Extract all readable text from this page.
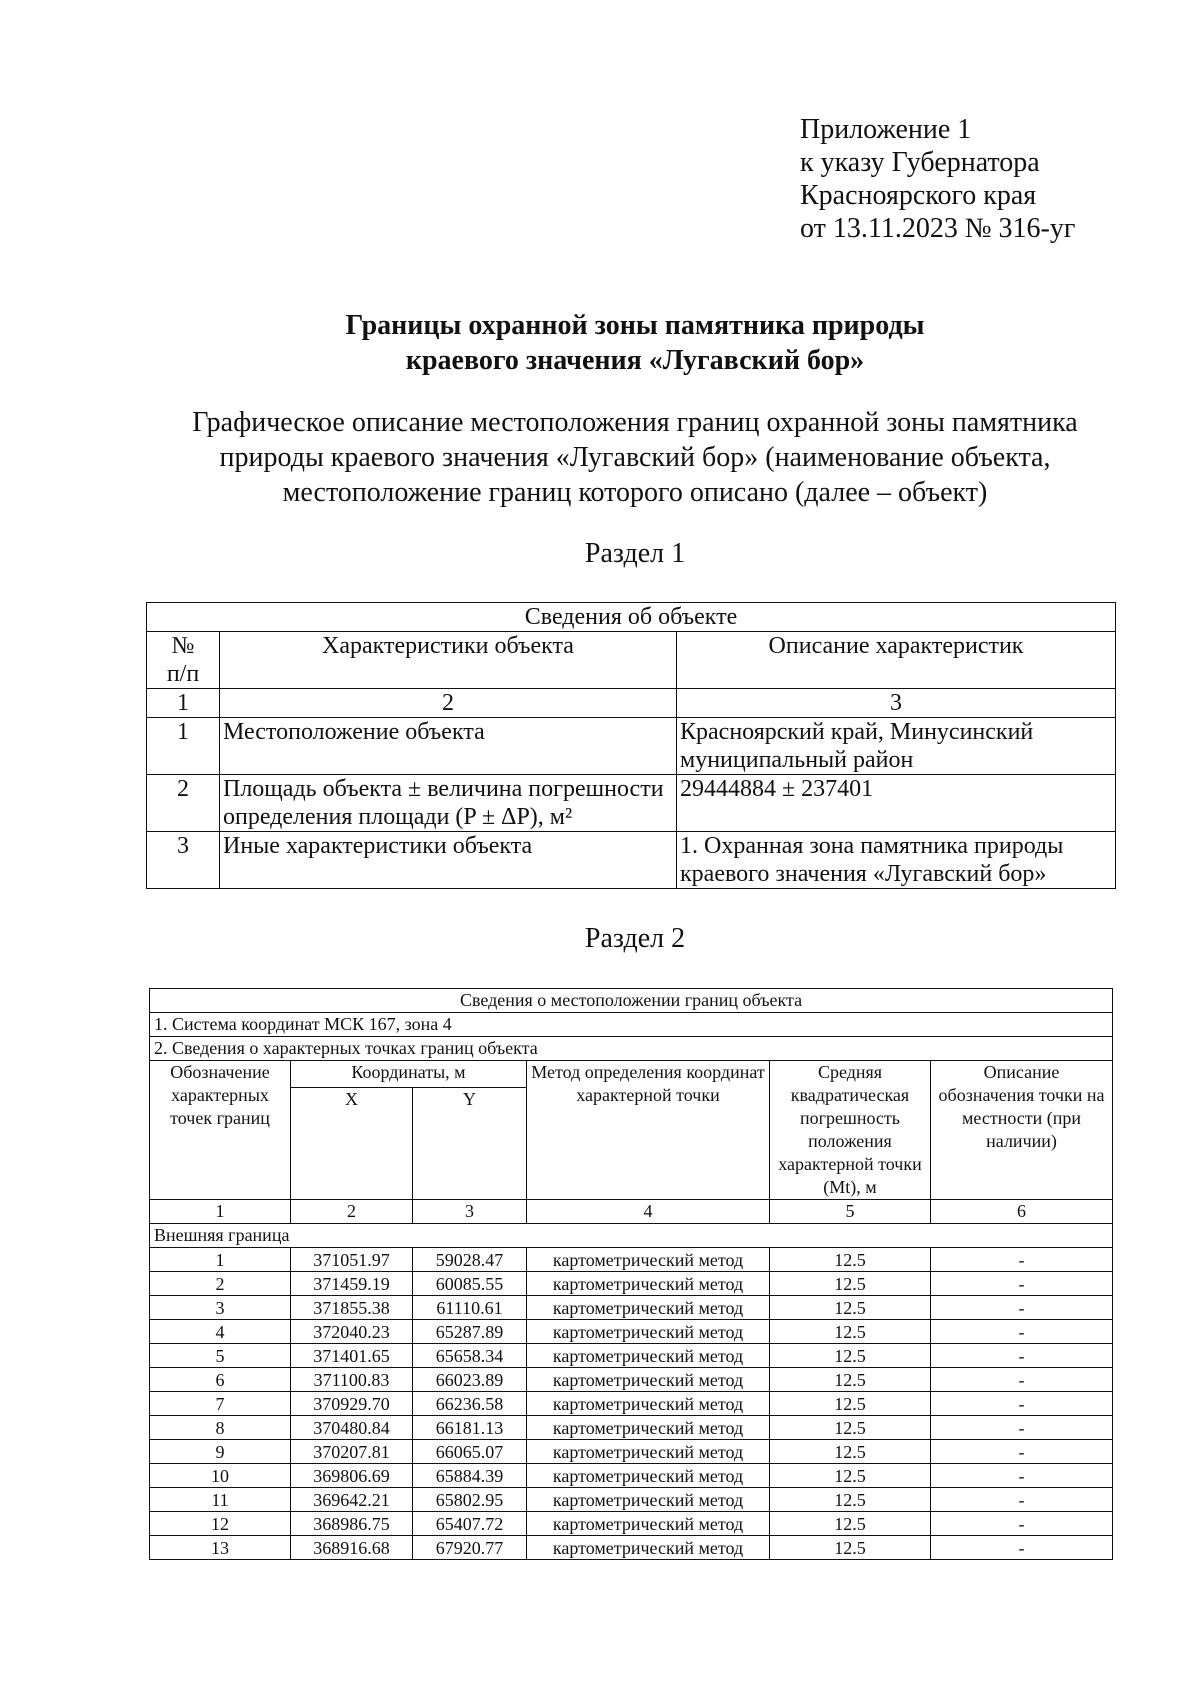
Приложение 1
к указу Губернатора
Красноярского края
от 13.11.2023 № 316-уг
Границы охранной зоны памятника природы
краевого значения «Лугавский бор»
Графическое описание местоположения границ охранной зоны памятника
природы краевого значения «Лугавский бор» (наименование объекта,
местоположение границ которого описано (далее – объект)
Раздел 1
Сведения об объекте		

№
п/п	Характеристики объекта	Описание характеристик
1	2	3
1	Местоположение объекта	Красноярский край, Минусинский муниципальный район
2	Площадь объекта ± величина погрешности определения площади (P ± ΔP), м²	29444884 ± 237401
3	Иные характеристики объекта	1. Охранная зона памятника природы краевого значения «Лугавский бор»
Раздел 2
Сведения о местоположении границ объекта					
1. Система координат МСК 167, зона 4					
2. Сведения о характерных точках границ объекта					
Обозначение характерных точек границ	Координаты, м		Метод определения координат характерной точки	Средняя квадратическая погрешность положения характерной точки (Mt), м	Описание обозначения точки на местности (при наличии)
	X	Y			
1	2	3	4	5	6
Внешняя граница					
1	371051.97	59028.47	картометрический метод	12.5	-
2	371459.19	60085.55	картометрический метод	12.5	-
3	371855.38	61110.61	картометрический метод	12.5	-
4	372040.23	65287.89	картометрический метод	12.5	-
5	371401.65	65658.34	картометрический метод	12.5	-
6	371100.83	66023.89	картометрический метод	12.5	-
7	370929.70	66236.58	картометрический метод	12.5	-
8	370480.84	66181.13	картометрический метод	12.5	-
9	370207.81	66065.07	картометрический метод	12.5	-
10	369806.69	65884.39	картометрический метод	12.5	-
11	369642.21	65802.95	картометрический метод	12.5	-
12	368986.75	65407.72	картометрический метод	12.5	-
13	368916.68	67920.77	картометрический метод	12.5	-
